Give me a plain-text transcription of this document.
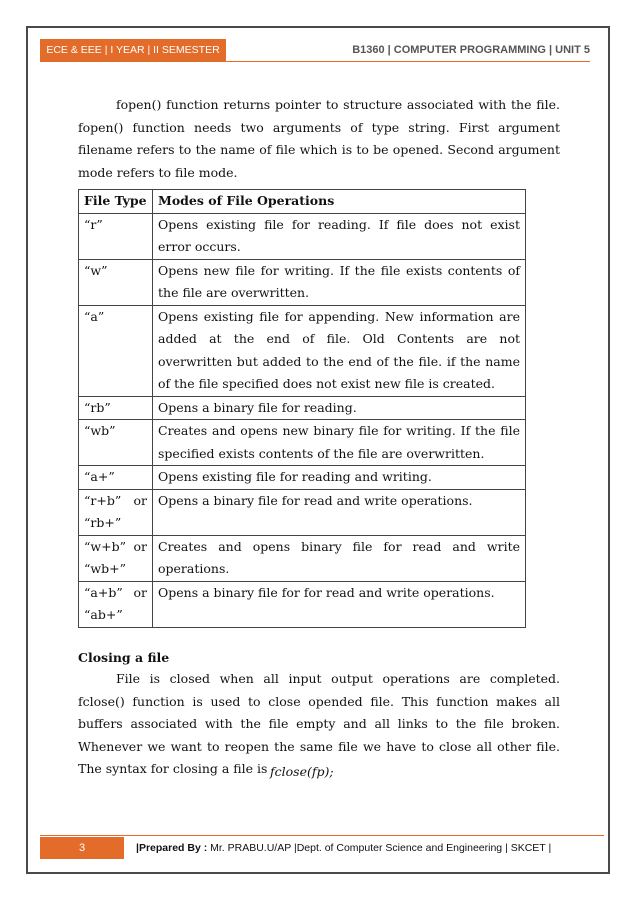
ECE & EEE | I YEAR | II SEMESTER	B1360 | COMPUTER PROGRAMMING | UNIT 5
fopen() function returns pointer to structure associated with the file. fopen() function needs two arguments of type string. First argument filename refers to the name of file which is to be opened. Second argument mode refers to file mode.
File Type	Modes of File Operations
“r”	Opens existing file for reading. If file does not exist error occurs.
“w”	Opens new file for writing. If the file exists contents of the file are overwritten.
“a”	Opens existing file for appending. New information are added at the end of file. Old Contents are not overwritten but added to the end of the file. if the name of the file specified does not exist new file is created.
“rb”	Opens a binary file for reading.
“wb”	Creates and opens new binary file for writing. If the file specified exists contents of the file are overwritten.
“a+”	Opens existing file for reading and writing.
“r+b” or “rb+”	Opens a binary file for read and write operations.
“w+b” or “wb+”	Creates and opens binary file for read and write operations.
“a+b” or “ab+”	Opens a binary file for for read and write operations.
Closing a file
File is closed when all input output operations are completed. fclose() function is used to close opended file. This function makes all buffers associated with the file empty and all links to the file broken. Whenever we want to reopen the same file we have to close all other file. The syntax for closing a file is fclose(fp);
3	|Prepared By : Mr. PRABU.U/AP |Dept. of Computer Science and Engineering | SKCET |
